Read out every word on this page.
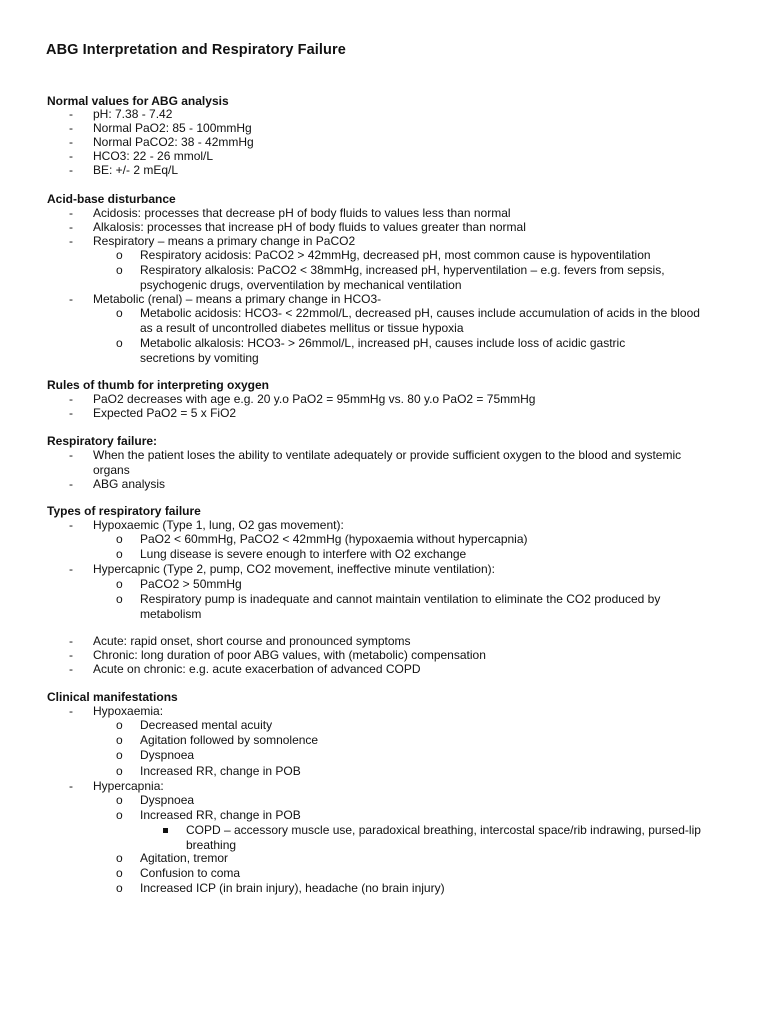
ABG Interpretation and Respiratory Failure
Normal values for ABG analysis
- pH: 7.38 - 7.42
- Normal PaO2: 85 - 100mmHg
- Normal PaCO2: 38 - 42mmHg
- HCO3: 22 - 26 mmol/L
- BE: +/- 2 mEq/L
Acid-base disturbance
- Acidosis: processes that decrease pH of body fluids to values less than normal
- Alkalosis: processes that increase pH of body fluids to values greater than normal
- Respiratory – means a primary change in PaCO2
o Respiratory acidosis: PaCO2 > 42mmHg, decreased pH, most common cause is hypoventilation
o Respiratory alkalosis: PaCO2 < 38mmHg, increased pH, hyperventilation – e.g. fevers from sepsis, psychogenic drugs, overventilation by mechanical ventilation
- Metabolic (renal) – means a primary change in HCO3-
o Metabolic acidosis: HCO3- < 22mmol/L, decreased pH, causes include accumulation of acids in the blood as a result of uncontrolled diabetes mellitus or tissue hypoxia
o Metabolic alkalosis: HCO3- > 26mmol/L, increased pH, causes include loss of acidic gastric secretions by vomiting
Rules of thumb for interpreting oxygen
- PaO2 decreases with age e.g. 20 y.o PaO2 = 95mmHg vs. 80 y.o PaO2 = 75mmHg
- Expected PaO2 = 5 x FiO2
Respiratory failure:
- When the patient loses the ability to ventilate adequately or provide sufficient oxygen to the blood and systemic organs
- ABG analysis
Types of respiratory failure
- Hypoxaemic (Type 1, lung, O2 gas movement):
o PaO2 < 60mmHg, PaCO2 < 42mmHg (hypoxaemia without hypercapnia)
o Lung disease is severe enough to interfere with O2 exchange
- Hypercapnic (Type 2, pump, CO2 movement, ineffective minute ventilation):
o PaCO2 > 50mmHg
o Respiratory pump is inadequate and cannot maintain ventilation to eliminate the CO2 produced by metabolism
- Acute: rapid onset, short course and pronounced symptoms
- Chronic: long duration of poor ABG values, with (metabolic) compensation
- Acute on chronic: e.g. acute exacerbation of advanced COPD
Clinical manifestations
- Hypoxaemia:
o Decreased mental acuity
o Agitation followed by somnolence
o Dyspnoea
o Increased RR, change in POB
- Hypercapnia:
o Dyspnoea
o Increased RR, change in POB
COPD – accessory muscle use, paradoxical breathing, intercostal space/rib indrawing, pursed-lip breathing
o Agitation, tremor
o Confusion to coma
o Increased ICP (in brain injury), headache (no brain injury)
